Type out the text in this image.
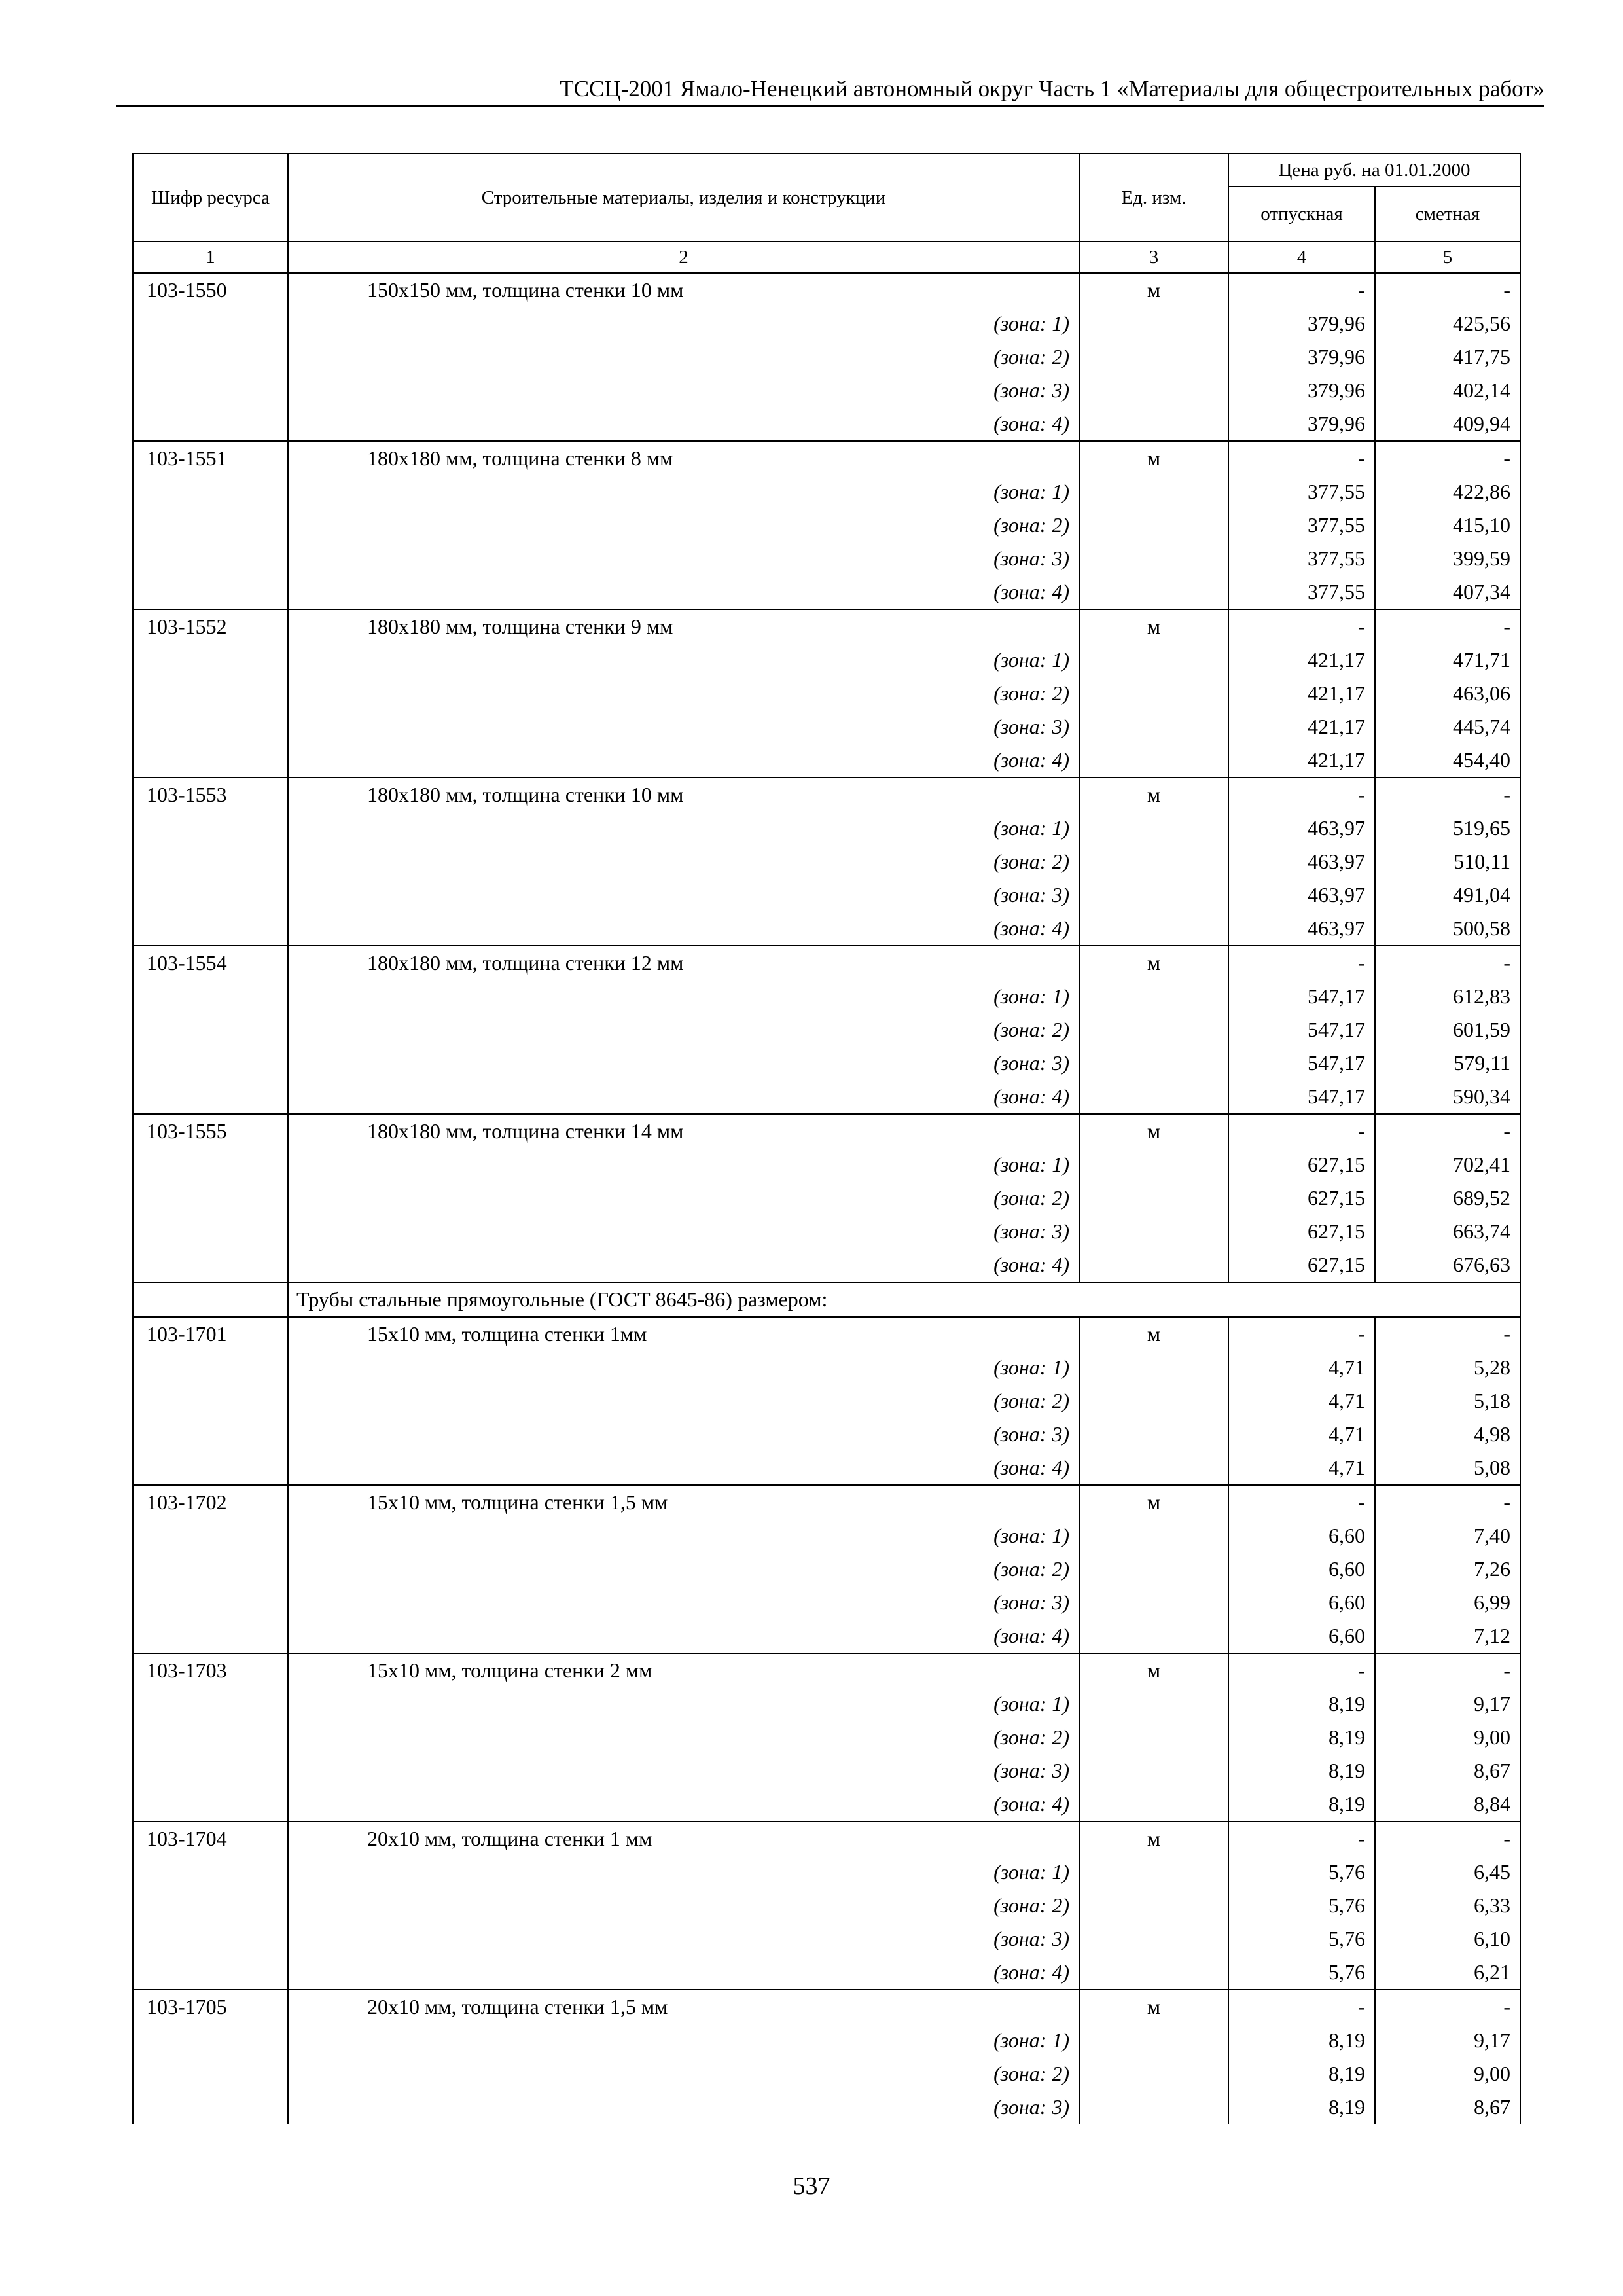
ТССЦ-2001 Ямало-Ненецкий автономный округ Часть 1 «Материалы для общестроительных работ»
Шифр ресурса	Строительные материалы, изделия и конструкции	Ед. изм.	Цена руб. на 01.01.2000	
			отпускная	сметная
1	2	3	4	5
103-1550	150x150 мм, толщина стенки 10 мм	м	-	-
	(зона: 1)		379,96	425,56
	(зона: 2)		379,96	417,75
	(зона: 3)		379,96	402,14
	(зона: 4)		379,96	409,94
103-1551	180x180 мм, толщина стенки 8 мм	м	-	-
	(зона: 1)		377,55	422,86
	(зона: 2)		377,55	415,10
	(зона: 3)		377,55	399,59
	(зона: 4)		377,55	407,34
103-1552	180x180 мм, толщина стенки 9 мм	м	-	-
	(зона: 1)		421,17	471,71
	(зона: 2)		421,17	463,06
	(зона: 3)		421,17	445,74
	(зона: 4)		421,17	454,40
103-1553	180x180 мм, толщина стенки 10 мм	м	-	-
	(зона: 1)		463,97	519,65
	(зона: 2)		463,97	510,11
	(зона: 3)		463,97	491,04
	(зона: 4)		463,97	500,58
103-1554	180x180 мм, толщина стенки 12 мм	м	-	-
	(зона: 1)		547,17	612,83
	(зона: 2)		547,17	601,59
	(зона: 3)		547,17	579,11
	(зона: 4)		547,17	590,34
103-1555	180x180 мм, толщина стенки 14 мм	м	-	-
	(зона: 1)		627,15	702,41
	(зона: 2)		627,15	689,52
	(зона: 3)		627,15	663,74
	(зона: 4)		627,15	676,63
	Трубы стальные прямоугольные (ГОСТ 8645-86) размером:			
103-1701	15x10 мм, толщина стенки 1мм	м	-	-
	(зона: 1)		4,71	5,28
	(зона: 2)		4,71	5,18
	(зона: 3)		4,71	4,98
	(зона: 4)		4,71	5,08
103-1702	15x10 мм, толщина стенки 1,5 мм	м	-	-
	(зона: 1)		6,60	7,40
	(зона: 2)		6,60	7,26
	(зона: 3)		6,60	6,99
	(зона: 4)		6,60	7,12
103-1703	15x10 мм, толщина стенки 2 мм	м	-	-
	(зона: 1)		8,19	9,17
	(зона: 2)		8,19	9,00
	(зона: 3)		8,19	8,67
	(зона: 4)		8,19	8,84
103-1704	20x10 мм, толщина стенки 1 мм	м	-	-
	(зона: 1)		5,76	6,45
	(зона: 2)		5,76	6,33
	(зона: 3)		5,76	6,10
	(зона: 4)		5,76	6,21
103-1705	20x10 мм, толщина стенки 1,5 мм	м	-	-
	(зона: 1)		8,19	9,17
	(зона: 2)		8,19	9,00
	(зона: 3)		8,19	8,67
537
